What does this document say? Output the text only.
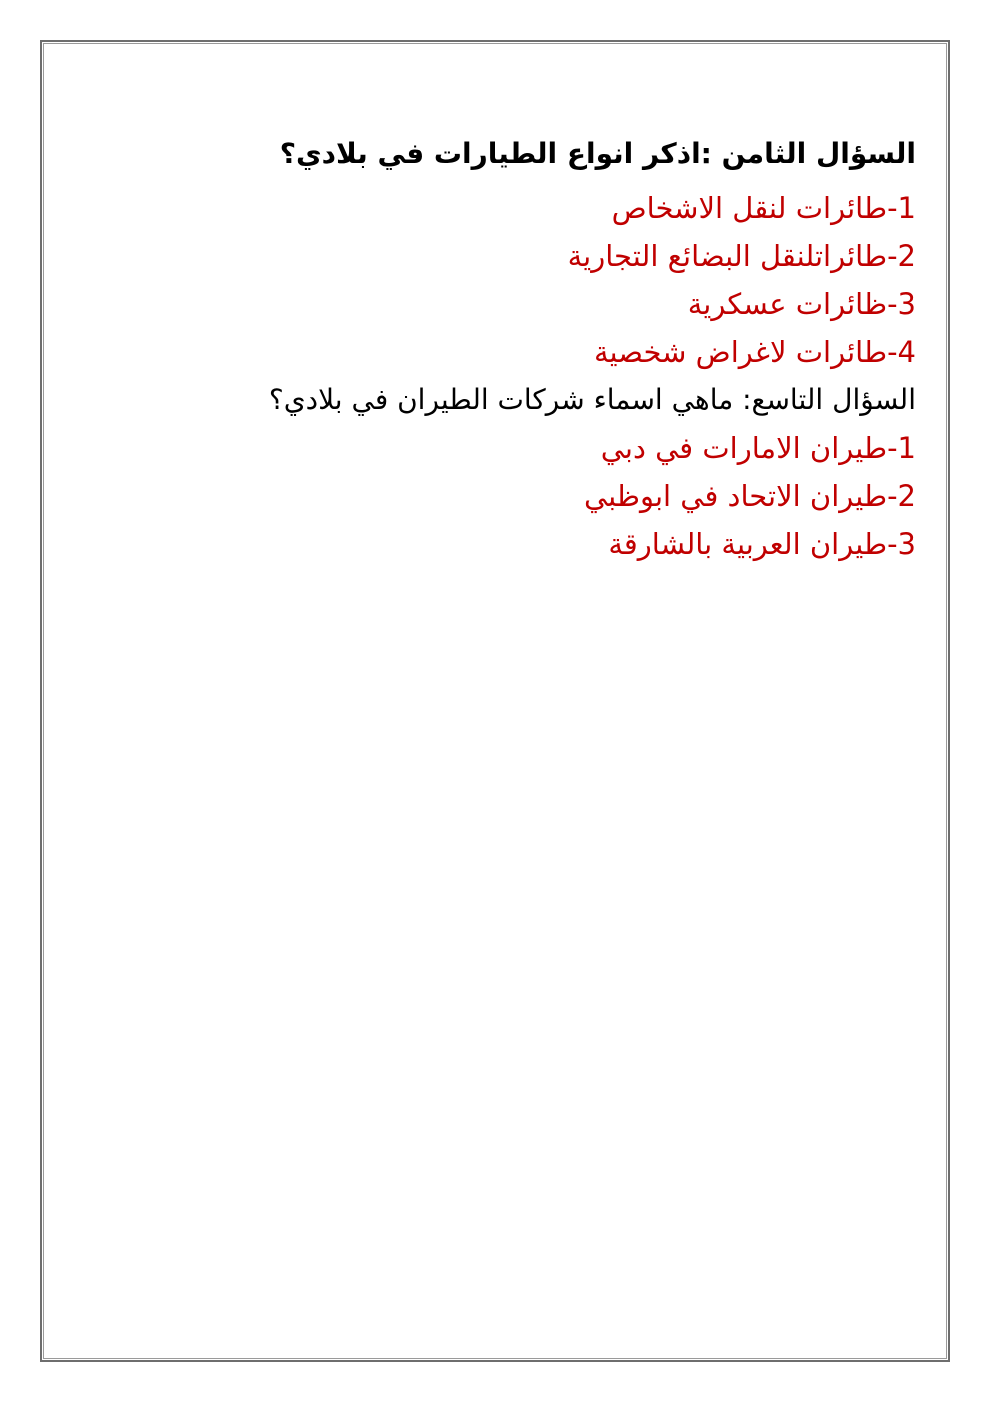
السؤال الثامن :اذكر انواع الطيارات في بلادي؟
1-طائرات لنقل الاشخاص
2-طائراتلنقل البضائع التجارية
3-ظائرات عسكرية
4-طائرات لاغراض شخصية
السؤال التاسع: ماهي اسماء شركات الطيران في بلادي؟
1-طيران الامارات في دبي
2-طيران الاتحاد في ابوظبي
3-طيران العربية بالشارقة
